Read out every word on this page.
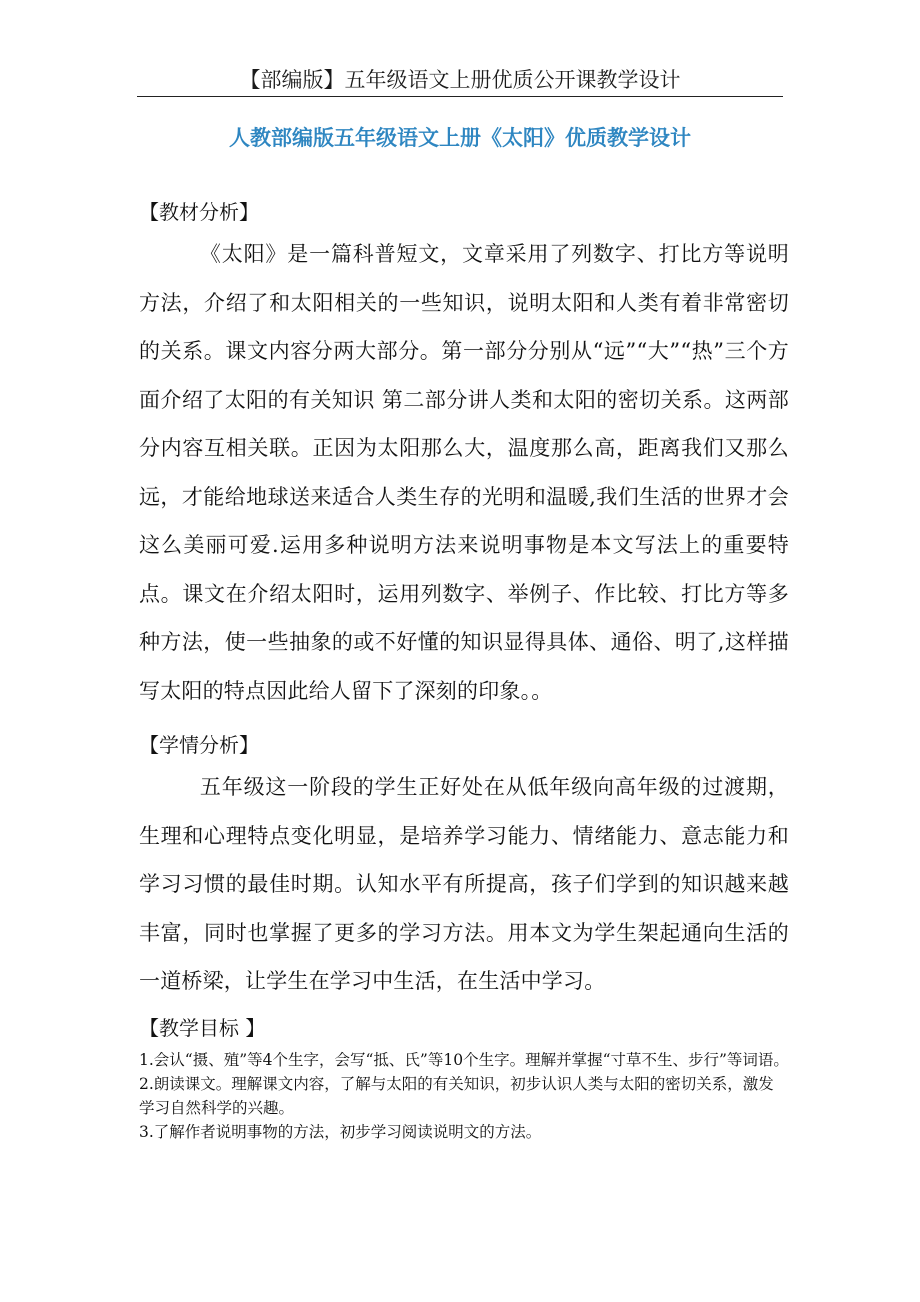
【部编版】五年级语文上册优质公开课教学设计
人教部编版五年级语文上册《太阳》优质教学设计
【教材分析】

《太阳》是一篇科普短文，文章采用了列数字、打比方等说明方法，介绍了和太阳相关的一些知识，说明太阳和人类有着非常密切的关系。课文内容分两大部分。第一部分分别从“远”“大”“热”三个方面介绍了太阳的有关知识 第二部分讲人类和太阳的密切关系。这两部分内容互相关联。正因为太阳那么大，温度那么高，距离我们又那么远，才能给地球送来适合人类生存的光明和温暖,我们生活的世界才会这么美丽可爱.运用多种说明方法来说明事物是本文写法上的重要特点。课文在介绍太阳时，运用列数字、举例子、作比较、打比方等多种方法，使一些抽象的或不好懂的知识显得具体、通俗、明了,这样描写太阳的特点因此给人留下了深刻的印象。。

【学情分析】

五年级这一阶段的学生正好处在从低年级向高年级的过渡期，生理和心理特点变化明显，是培养学习能力、情绪能力、意志能力和学习习惯的最佳时期。认知水平有所提高，孩子们学到的知识越来越丰富，同时也掌握了更多的学习方法。用本文为学生架起通向生活的一道桥梁，让学生在学习中生活，在生活中学习。

【教学目标 】
1.会认“摄、殖”等4个生字，会写“抵、氏”等10个生字。理解并掌握“寸草不生、步行”等词语。
2.朗读课文。理解课文内容，了解与太阳的有关知识，初步认识人类与太阳的密切关系，激发学习自然科学的兴趣。
3.了解作者说明事物的方法，初步学习阅读说明文的方法。
